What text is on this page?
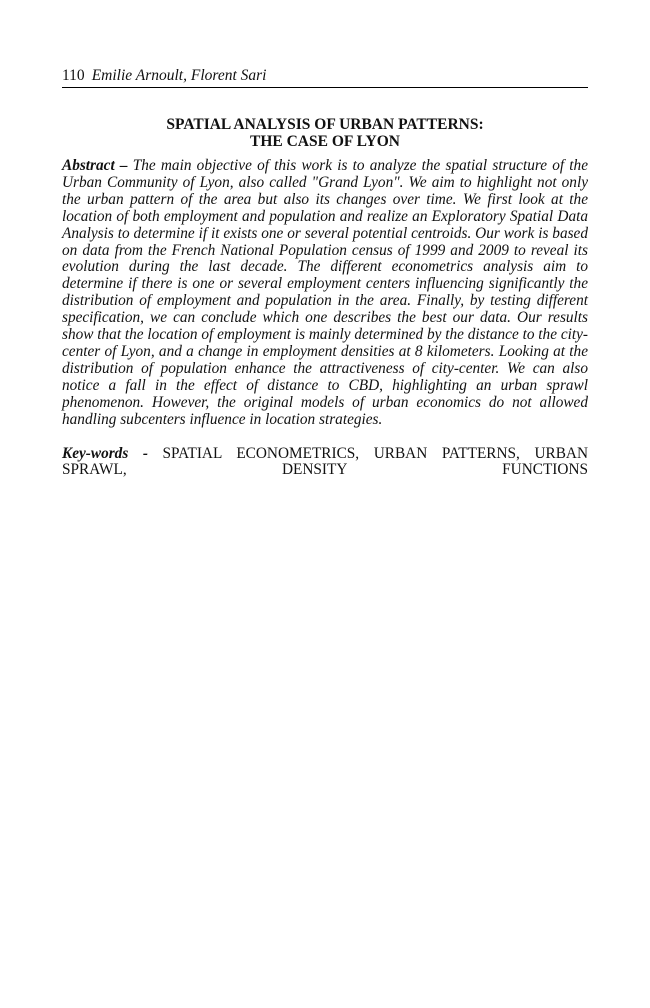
110 Emilie Arnoult, Florent Sari
SPATIAL ANALYSIS OF URBAN PATTERNS:
THE CASE OF LYON
Abstract – The main objective of this work is to analyze the spatial structure of the Urban Community of Lyon, also called "Grand Lyon". We aim to highlight not only the urban pattern of the area but also its changes over time. We first look at the location of both employment and population and realize an Exploratory Spatial Data Analysis to determine if it exists one or several potential centroids. Our work is based on data from the French National Population census of 1999 and 2009 to reveal its evolution during the last decade. The different econometrics analysis aim to determine if there is one or several employment centers influencing significantly the distribution of employment and population in the area. Finally, by testing different specification, we can conclude which one describes the best our data. Our results show that the location of employment is mainly determined by the distance to the city-center of Lyon, and a change in employment densities at 8 kilometers. Looking at the distribution of population enhance the attractiveness of city-center. We can also notice a fall in the effect of distance to CBD, highlighting an urban sprawl phenomenon. However, the original models of urban economics do not allowed handling subcenters influence in location strategies.
Key-words - SPATIAL ECONOMETRICS, URBAN PATTERNS, URBAN
SPRAWL, DENSITY FUNCTIONS
